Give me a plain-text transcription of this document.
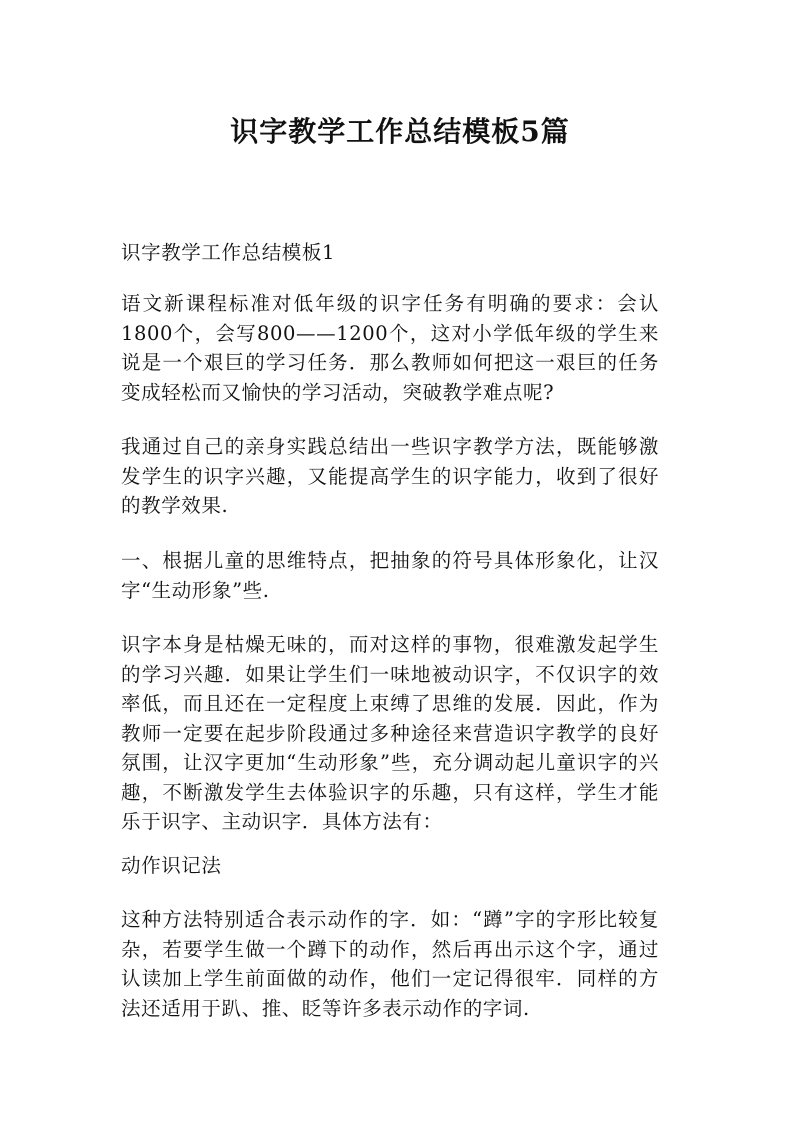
识字教学工作总结模板5篇

识字教学工作总结模板1

语文新课程标准对低年级的识字任务有明确的要求：会认1800个，会写800——1200个，这对小学低年级的学生来说是一个艰巨的学习任务．那么教师如何把这一艰巨的任务变成轻松而又愉快的学习活动，突破教学难点呢?

我通过自己的亲身实践总结出一些识字教学方法，既能够激发学生的识字兴趣，又能提高学生的识字能力，收到了很好的教学效果.

一、根据儿童的思维特点，把抽象的符号具体形象化，让汉字“生动形象”些.

识字本身是枯燥无味的，而对这样的事物，很难激发起学生的学习兴趣．如果让学生们一味地被动识字，不仅识字的效率低，而且还在一定程度上束缚了思维的发展．因此，作为教师一定要在起步阶段通过多种途径来营造识字教学的良好氛围，让汉字更加“生动形象”些，充分调动起儿童识字的兴趣，不断激发学生去体验识字的乐趣，只有这样，学生才能乐于识字、主动识字．具体方法有：

动作识记法

这种方法特别适合表示动作的字．如：“蹲”字的字形比较复杂，若要学生做一个蹲下的动作，然后再出示这个字，通过认读加上学生前面做的动作，他们一定记得很牢．同样的方法还适用于趴、推、眨等许多表示动作的字词.
